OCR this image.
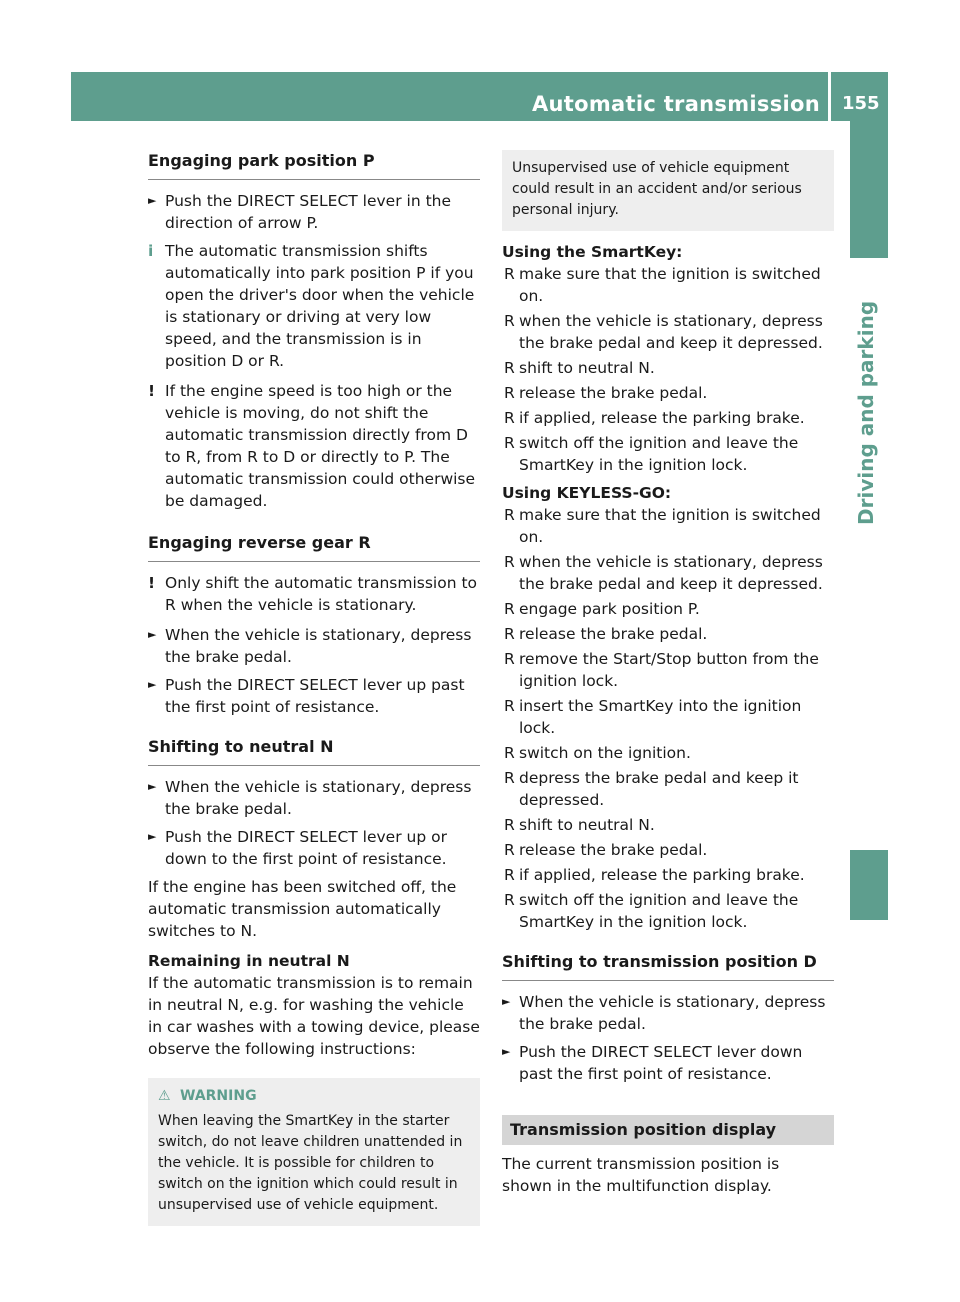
Automatic transmission 155
Driving and parking
Engaging park position P
► Push the DIRECT SELECT lever in the direction of arrow P.
i The automatic transmission shifts automatically into park position P if you open the driver's door when the vehicle is stationary or driving at very low speed, and the transmission is in position D or R.
! If the engine speed is too high or the vehicle is moving, do not shift the automatic transmission directly from D to R, from R to D or directly to P. The automatic transmission could otherwise be damaged.
Engaging reverse gear R
! Only shift the automatic transmission to R when the vehicle is stationary.
► When the vehicle is stationary, depress the brake pedal.
► Push the DIRECT SELECT lever up past the first point of resistance.
Shifting to neutral N
► When the vehicle is stationary, depress the brake pedal.
► Push the DIRECT SELECT lever up or down to the first point of resistance.

If the engine has been switched off, the automatic transmission automatically switches to N.

Remaining in neutral N

If the automatic transmission is to remain in neutral N, e.g. for washing the vehicle in car washes with a towing device, please observe the following instructions:

⚠ WARNING
When leaving the SmartKey in the starter switch, do not leave children unattended in the vehicle. It is possible for children to switch on the ignition which could result in unsupervised use of vehicle equipment.
Unsupervised use of vehicle equipment could result in an accident and/or serious personal injury.

Using the SmartKey:

R make sure that the ignition is switched on.
R when the vehicle is stationary, depress the brake pedal and keep it depressed.
R shift to neutral N.
R release the brake pedal.
R if applied, release the parking brake.
R switch off the ignition and leave the SmartKey in the ignition lock.

Using KEYLESS-GO:

R make sure that the ignition is switched on.
R when the vehicle is stationary, depress the brake pedal and keep it depressed.
R engage park position P.
R release the brake pedal.
R remove the Start/Stop button from the ignition lock.
R insert the SmartKey into the ignition lock.
R switch on the ignition.
R depress the brake pedal and keep it depressed.
R shift to neutral N.
R release the brake pedal.
R if applied, release the parking brake.
R switch off the ignition and leave the SmartKey in the ignition lock.
Shifting to transmission position D
► When the vehicle is stationary, depress the brake pedal.
► Push the DIRECT SELECT lever down past the first point of resistance.
Transmission position display

The current transmission position is shown in the multifunction display.
